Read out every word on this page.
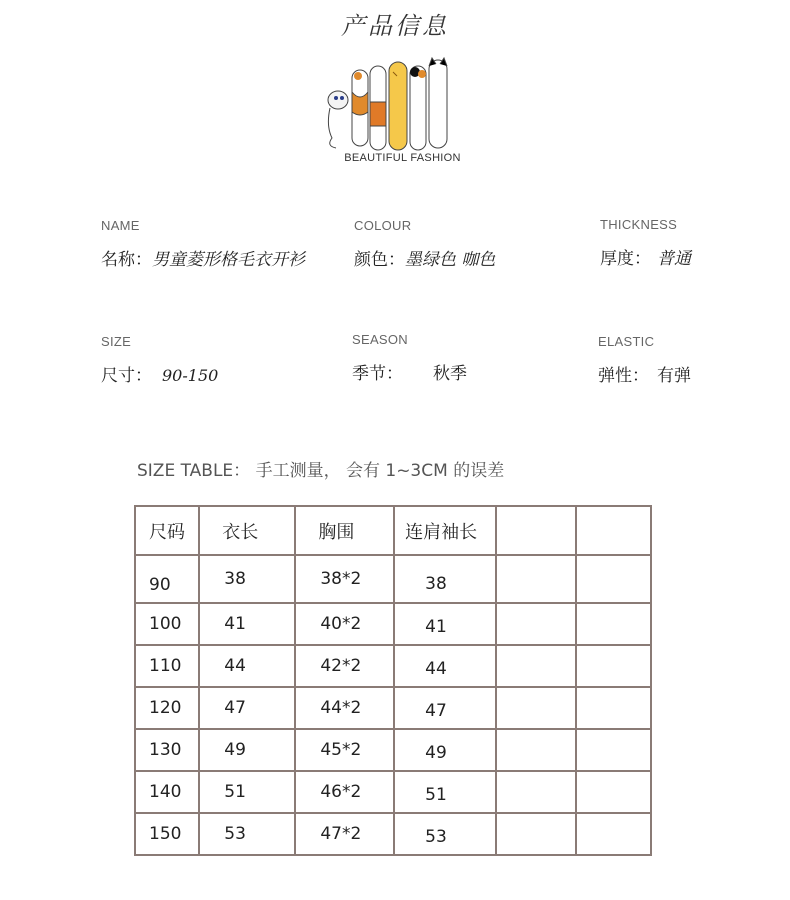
产品信息
BEAUTIFUL FASHION
NAME
名称：男童菱形格毛衣开衫
COLOUR
颜色：墨绿色 咖色
THICKNESS
厚度： 普通
SIZE
尺寸： 90-150
SEASON
季节： 秋季
ELASTIC
弹性： 有弹
SIZE TABLE： 手工测量， 会有 1~3CM 的误差
尺码	衣长	胸围	连肩袖长		
90	38	38*2	38		
100	41	40*2	41		
110	44	42*2	44		
120	47	44*2	47		
130	49	45*2	49		
140	51	46*2	51		
150	53	47*2	53		
